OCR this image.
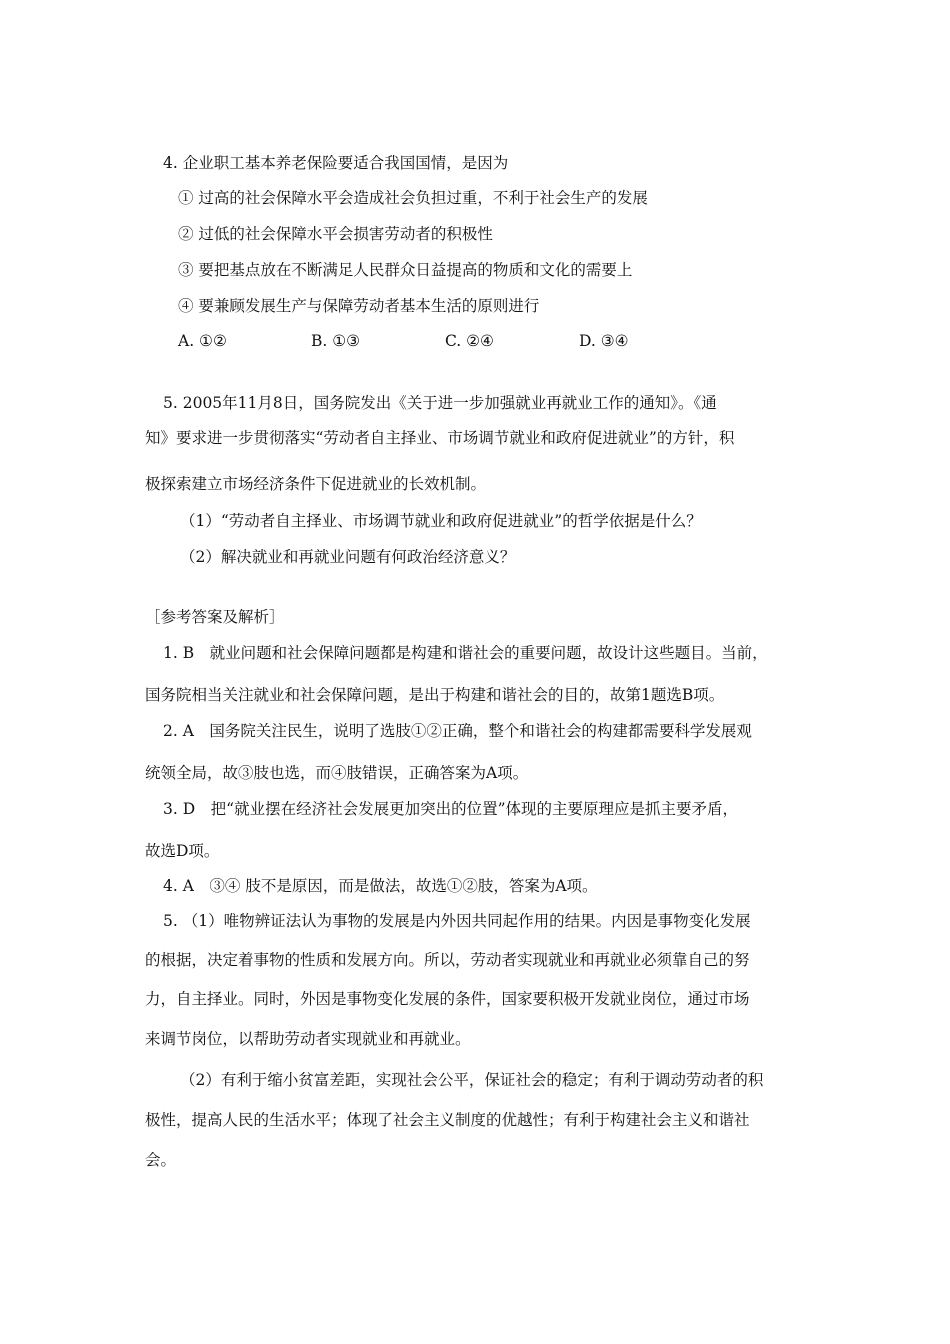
4. 企业职工基本养老保险要适合我国国情，是因为
① 过高的社会保障水平会造成社会负担过重，不利于社会生产的发展
② 过低的社会保障水平会损害劳动者的积极性
③ 要把基点放在不断满足人民群众日益提高的物质和文化的需要上
④ 要兼顾发展生产与保障劳动者基本生活的原则进行
A. ①②	B. ①③	C. ②④	D. ③④
5. 2005年11月8日，国务院发出《关于进一步加强就业再就业工作的通知》。《通
知》要求进一步贯彻落实“劳动者自主择业、市场调节就业和政府促进就业”的方针，积
极探索建立市场经济条件下促进就业的长效机制。
（1）“劳动者自主择业、市场调节就业和政府促进就业”的哲学依据是什么？
（2）解决就业和再就业问题有何政治经济意义？
［参考答案及解析］
1. B　就业问题和社会保障问题都是构建和谐社会的重要问题，故设计这些题目。当前，
国务院相当关注就业和社会保障问题，是出于构建和谐社会的目的，故第1题选B项。
2. A　国务院关注民生，说明了选肢①②正确，整个和谐社会的构建都需要科学发展观
统领全局，故③肢也选，而④肢错误，正确答案为A项。
3. D　把“就业摆在经济社会发展更加突出的位置”体现的主要原理应是抓主要矛盾，
故选D项。
4. A　③④ 肢不是原因，而是做法，故选①②肢，答案为A项。
5. （1）唯物辨证法认为事物的发展是内外因共同起作用的结果。内因是事物变化发展
的根据，决定着事物的性质和发展方向。所以，劳动者实现就业和再就业必须靠自己的努
力，自主择业。同时，外因是事物变化发展的条件，国家要积极开发就业岗位，通过市场
来调节岗位，以帮助劳动者实现就业和再就业。
（2）有利于缩小贫富差距，实现社会公平，保证社会的稳定；有利于调动劳动者的积
极性，提高人民的生活水平；体现了社会主义制度的优越性；有利于构建社会主义和谐社
会。
